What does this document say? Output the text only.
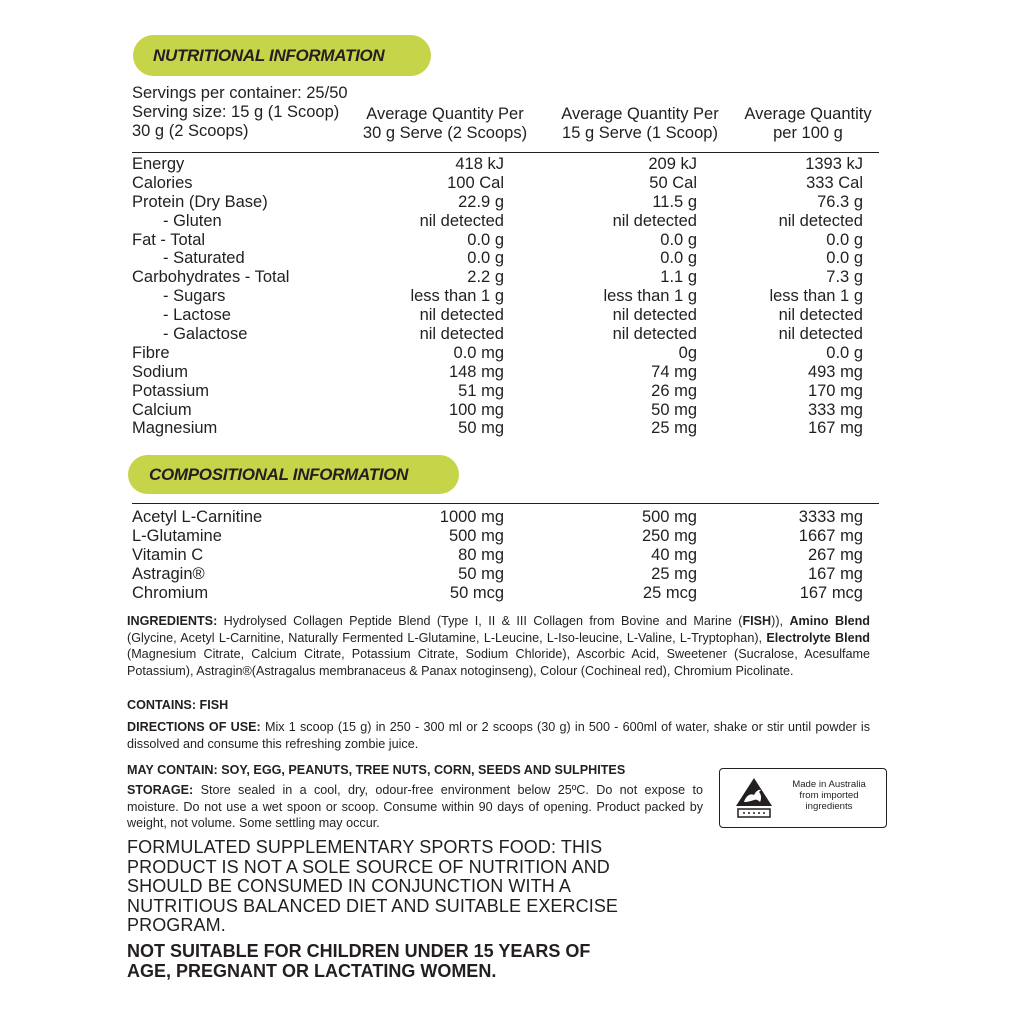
NUTRITIONAL INFORMATION
Servings per container: 25/50
Serving size: 15 g (1 Scoop)
30 g (2 Scoops)
Average Quantity Per
30 g Serve (2 Scoops)
Average Quantity Per
15 g Serve (1 Scoop)
Average Quantity
per 100 g
Energy	418 kJ	209 kJ	1393 kJ
Calories	100 Cal	50 Cal	333 Cal
Protein (Dry Base)	22.9 g	11.5 g	76.3 g
- Gluten	nil detected	nil detected	nil detected
Fat - Total	0.0 g	0.0 g	0.0 g
- Saturated	0.0 g	0.0 g	0.0 g
Carbohydrates - Total	2.2 g	1.1 g	7.3 g
- Sugars	less than 1 g	less than 1 g	less than 1 g
- Lactose	nil detected	nil detected	nil detected
- Galactose	nil detected	nil detected	nil detected
Fibre	0.0 mg	0g	0.0 g
Sodium	148 mg	74 mg	493 mg
Potassium	51 mg	26 mg	170 mg
Calcium	100 mg	50 mg	333 mg
Magnesium	50 mg	25 mg	167 mg
COMPOSITIONAL INFORMATION
Acetyl L-Carnitine	1000 mg	500 mg	3333 mg
L-Glutamine	500 mg	250 mg	1667 mg
Vitamin C	80 mg	40 mg	267 mg
Astragin®	50 mg	25 mg	167 mg
Chromium	50 mcg	25 mcg	167 mcg
INGREDIENTS: Hydrolysed Collagen Peptide Blend (Type I, II & III Collagen from Bovine and Marine (FISH)), Amino Blend (Glycine, Acetyl L-Carnitine, Naturally Fermented L-Glutamine, L-Leucine, L-Iso-leucine, L-Valine, L-Tryptophan), Electrolyte Blend (Magnesium Citrate, Calcium Citrate, Potassium Citrate, Sodium Chloride), Ascorbic Acid, Sweetener (Sucralose, Acesulfame Potassium), Astragin®(Astragalus membranaceus & Panax notoginseng), Colour (Cochineal red), Chromium Picolinate.
CONTAINS: FISH
DIRECTIONS OF USE: Mix 1 scoop (15 g) in 250 - 300 ml or 2 scoops (30 g) in 500 - 600ml of water, shake or stir until powder is dissolved and consume this refreshing zombie juice.
MAY CONTAIN: SOY, EGG, PEANUTS, TREE NUTS, CORN, SEEDS AND SULPHITES
STORAGE: Store sealed in a cool, dry, odour-free environment below 25ºC. Do not expose to moisture. Do not use a wet spoon or scoop. Consume within 90 days of opening. Product packed by weight, not volume. Some settling may occur.
Made in Australia
from imported
ingredients
FORMULATED SUPPLEMENTARY SPORTS FOOD: THIS PRODUCT IS NOT A SOLE SOURCE OF NUTRITION AND SHOULD BE CONSUMED IN CONJUNCTION WITH A NUTRITIOUS BALANCED DIET AND SUITABLE EXERCISE PROGRAM.
NOT SUITABLE FOR CHILDREN UNDER 15 YEARS OF AGE, PREGNANT OR LACTATING WOMEN.
